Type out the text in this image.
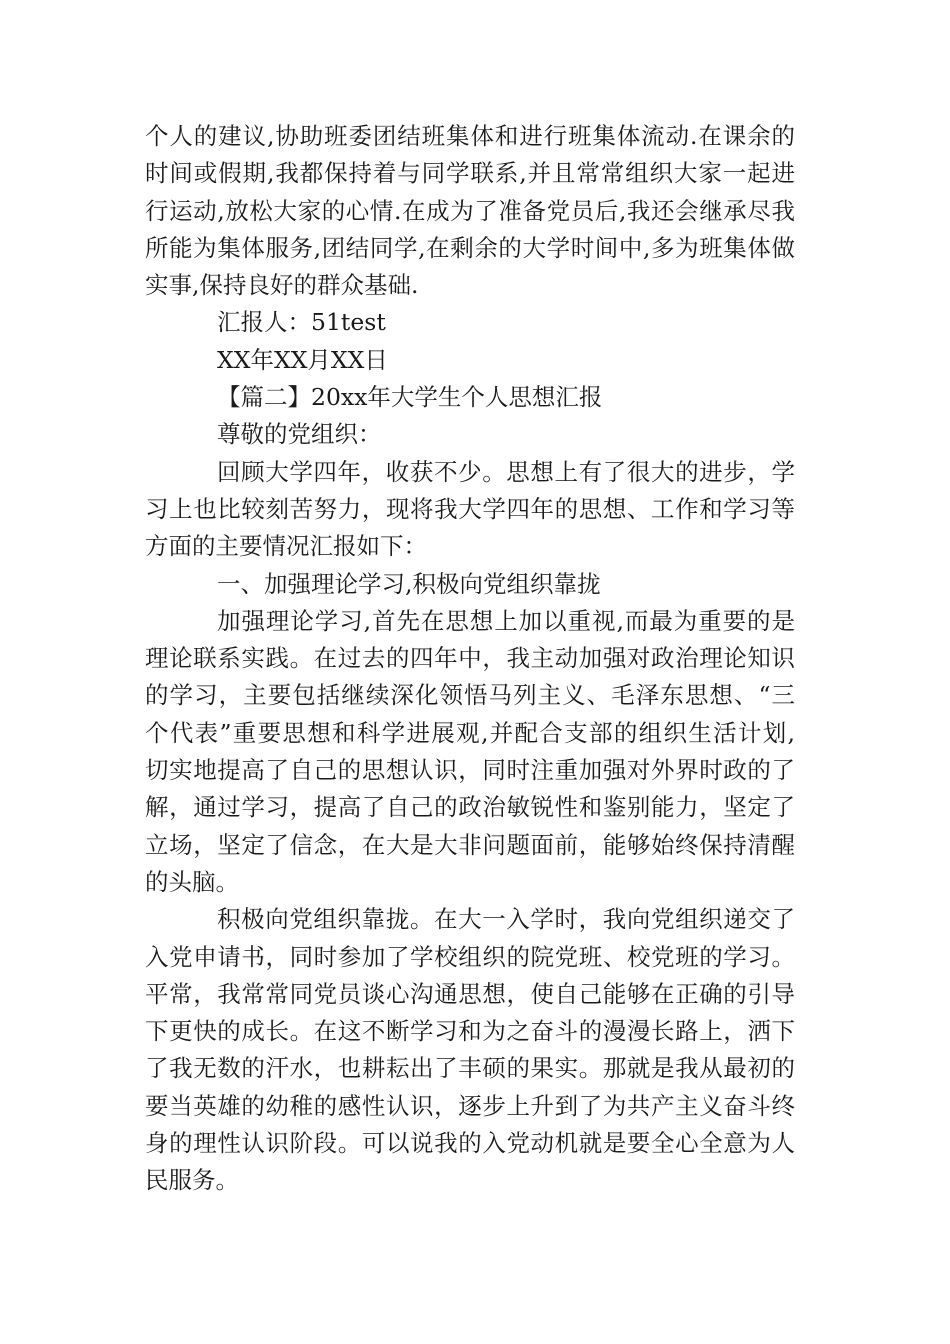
个人的建议,协助班委团结班集体和进行班集体流动.在课余的
时间或假期,我都保持着与同学联系,并且常常组织大家一起进
行运动,放松大家的心情.在成为了准备党员后,我还会继承尽我
所能为集体服务,团结同学,在剩余的大学时间中,多为班集体做
实事,保持良好的群众基础.
汇报人：51test
XX年XX月XX日
【篇二】20xx年大学生个人思想汇报
尊敬的党组织：
回顾大学四年，收获不少。思想上有了很大的进步，学
习上也比较刻苦努力，现将我大学四年的思想、工作和学习等
方面的主要情况汇报如下：
一、加强理论学习,积极向党组织靠拢
加强理论学习,首先在思想上加以重视,而最为重要的是
理论联系实践。在过去的四年中，我主动加强对政治理论知识
的学习，主要包括继续深化领悟马列主义、毛泽东思想、“三
个代表”重要思想和科学进展观,并配合支部的组织生活计划,
切实地提高了自己的思想认识，同时注重加强对外界时政的了
解，通过学习，提高了自己的政治敏锐性和鉴别能力，坚定了
立场，坚定了信念，在大是大非问题面前，能够始终保持清醒
的头脑。
积极向党组织靠拢。在大一入学时，我向党组织递交了
入党申请书，同时参加了学校组织的院党班、校党班的学习。
平常，我常常同党员谈心沟通思想，使自己能够在正确的引导
下更快的成长。在这不断学习和为之奋斗的漫漫长路上，洒下
了我无数的汗水，也耕耘出了丰硕的果实。那就是我从最初的
要当英雄的幼稚的感性认识，逐步上升到了为共产主义奋斗终
身的理性认识阶段。可以说我的入党动机就是要全心全意为人
民服务。
